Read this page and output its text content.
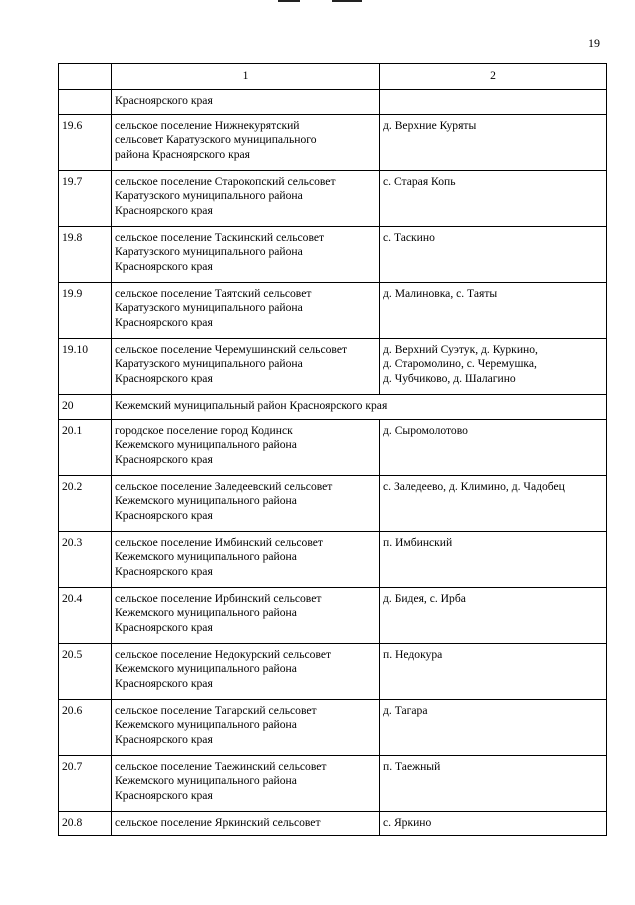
19
	1	2

	Красноярского края	

19.6	сельское поселение Нижнекурятский
сельсовет Каратузского муниципального
района Красноярского края	д. Верхние Куряты

19.7	сельское поселение Старокопский сельсовет
Каратузского муниципального района
Красноярского края	с. Старая Копь

19.8	сельское поселение Таскинский сельсовет
Каратузского муниципального района
Красноярского края	с. Таскино

19.9	сельское поселение Таятский сельсовет
Каратузского муниципального района
Красноярского края	д. Малиновка, с. Таяты

19.10	сельское поселение Черемушинский сельсовет
Каратузского муниципального района
Красноярского края	д. Верхний Суэтук, д. Куркино,
д. Старомолино, с. Черемушка,
д. Чубчиково, д. Шалагино

20	Кежемский муниципальный район Красноярского края	
20.1	городское поселение город Кодинск
Кежемского муниципального района
Красноярского края	д. Сыромолотово

20.2	сельское поселение Заледеевский сельсовет
Кежемского муниципального района
Красноярского края	с. Заледеево, д. Климино, д. Чадобец

20.3	сельское поселение Имбинский сельсовет
Кежемского муниципального района
Красноярского края	п. Имбинский

20.4	сельское поселение Ирбинский сельсовет
Кежемского муниципального района
Красноярского края	д. Бидея, с. Ирба

20.5	сельское поселение Недокурский сельсовет
Кежемского муниципального района
Красноярского края	п. Недокура

20.6	сельское поселение Тагарский сельсовет
Кежемского муниципального района
Красноярского края	д. Тагара

20.7	сельское поселение Таежинский сельсовет
Кежемского муниципального района
Красноярского края	п. Таежный

20.8	сельское поселение Яркинский сельсовет	с. Яркино
